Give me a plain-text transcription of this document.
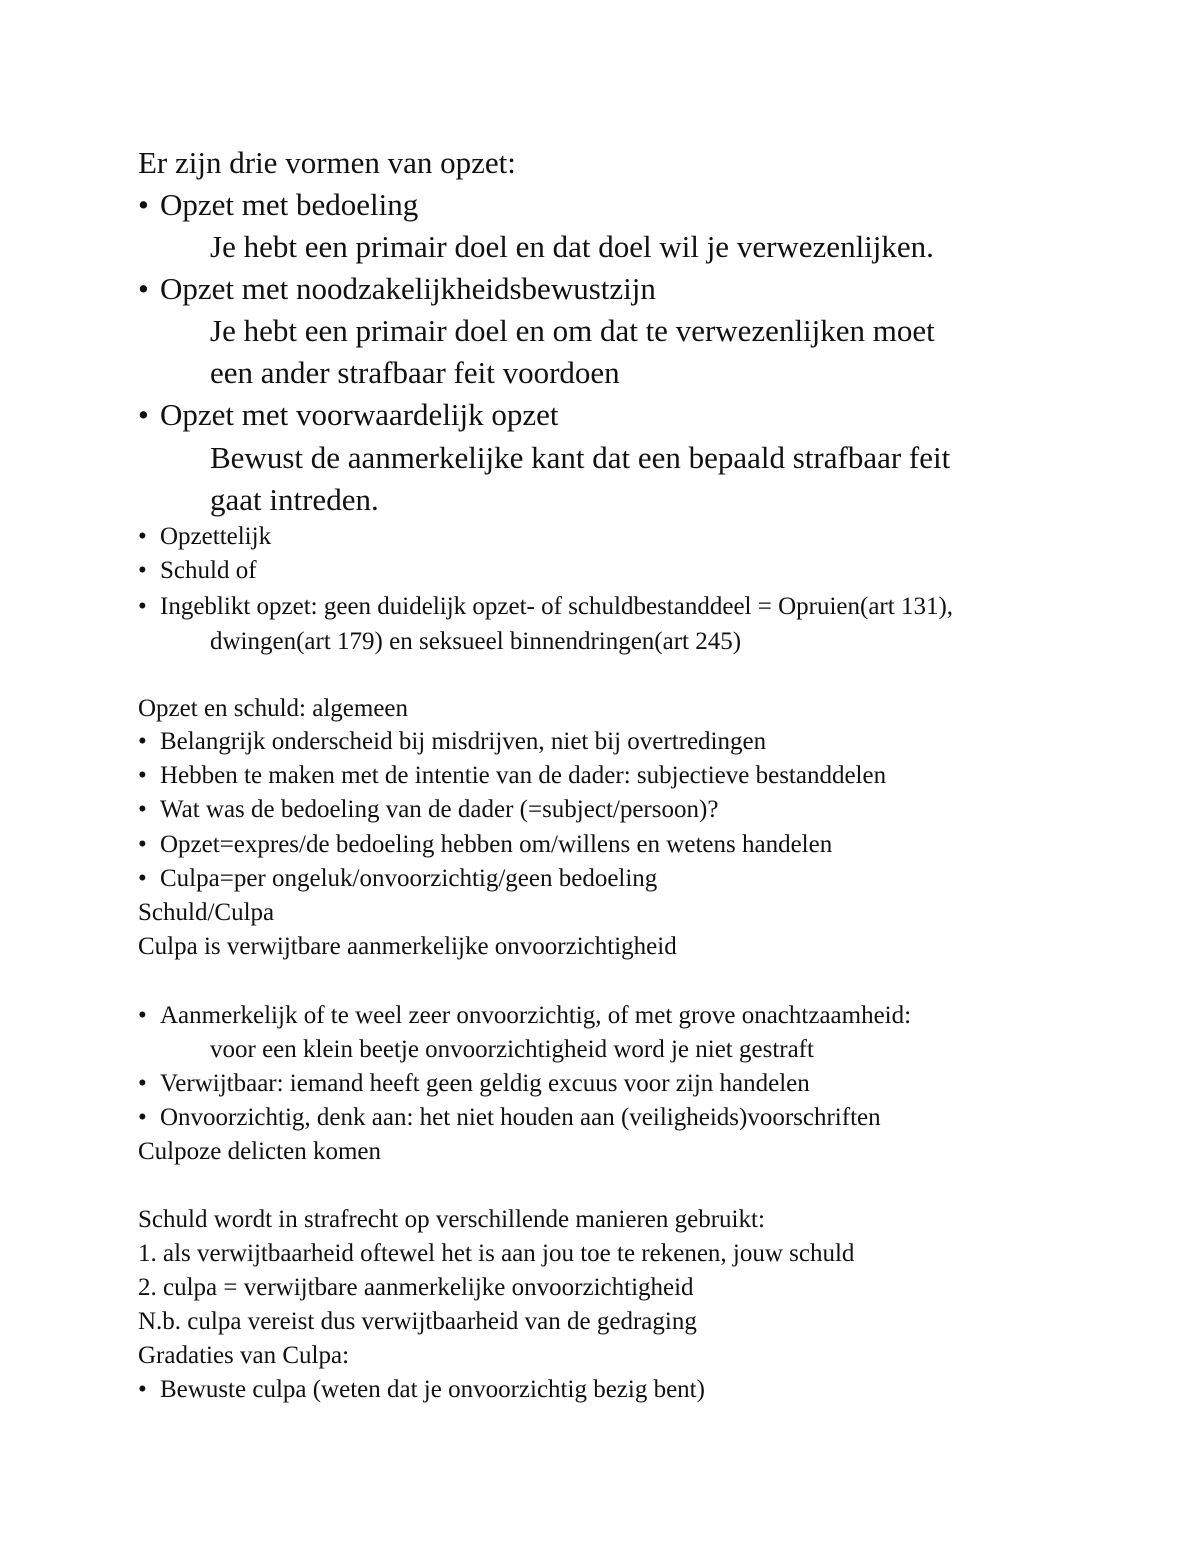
Er zijn drie vormen van opzet:
• Opzet met bedoeling
Je hebt een primair doel en dat doel wil je verwezenlijken.
• Opzet met noodzakelijkheidsbewustzijn
Je hebt een primair doel en om dat te verwezenlijken moet
een ander strafbaar feit voordoen
• Opzet met voorwaardelijk opzet
Bewust de aanmerkelijke kant dat een bepaald strafbaar feit
gaat intreden.
• Opzettelijk
• Schuld of
• Ingeblikt opzet: geen duidelijk opzet- of schuldbestanddeel = Opruien(art 131),
dwingen(art 179) en seksueel binnendringen(art 245)
Opzet en schuld: algemeen
• Belangrijk onderscheid bij misdrijven, niet bij overtredingen
• Hebben te maken met de intentie van de dader: subjectieve bestanddelen
• Wat was de bedoeling van de dader (=subject/persoon)?
• Opzet=expres/de bedoeling hebben om/willens en wetens handelen
• Culpa=per ongeluk/onvoorzichtig/geen bedoeling
Schuld/Culpa
Culpa is verwijtbare aanmerkelijke onvoorzichtigheid
• Aanmerkelijk of te weel zeer onvoorzichtig, of met grove onachtzaamheid:
voor een klein beetje onvoorzichtigheid word je niet gestraft
• Verwijtbaar: iemand heeft geen geldig excuus voor zijn handelen
• Onvoorzichtig, denk aan: het niet houden aan (veiligheids)voorschriften
Culpoze delicten komen
Schuld wordt in strafrecht op verschillende manieren gebruikt:
1. als verwijtbaarheid oftewel het is aan jou toe te rekenen, jouw schuld
2. culpa = verwijtbare aanmerkelijke onvoorzichtigheid
N.b. culpa vereist dus verwijtbaarheid van de gedraging
Gradaties van Culpa:
• Bewuste culpa (weten dat je onvoorzichtig bezig bent)
